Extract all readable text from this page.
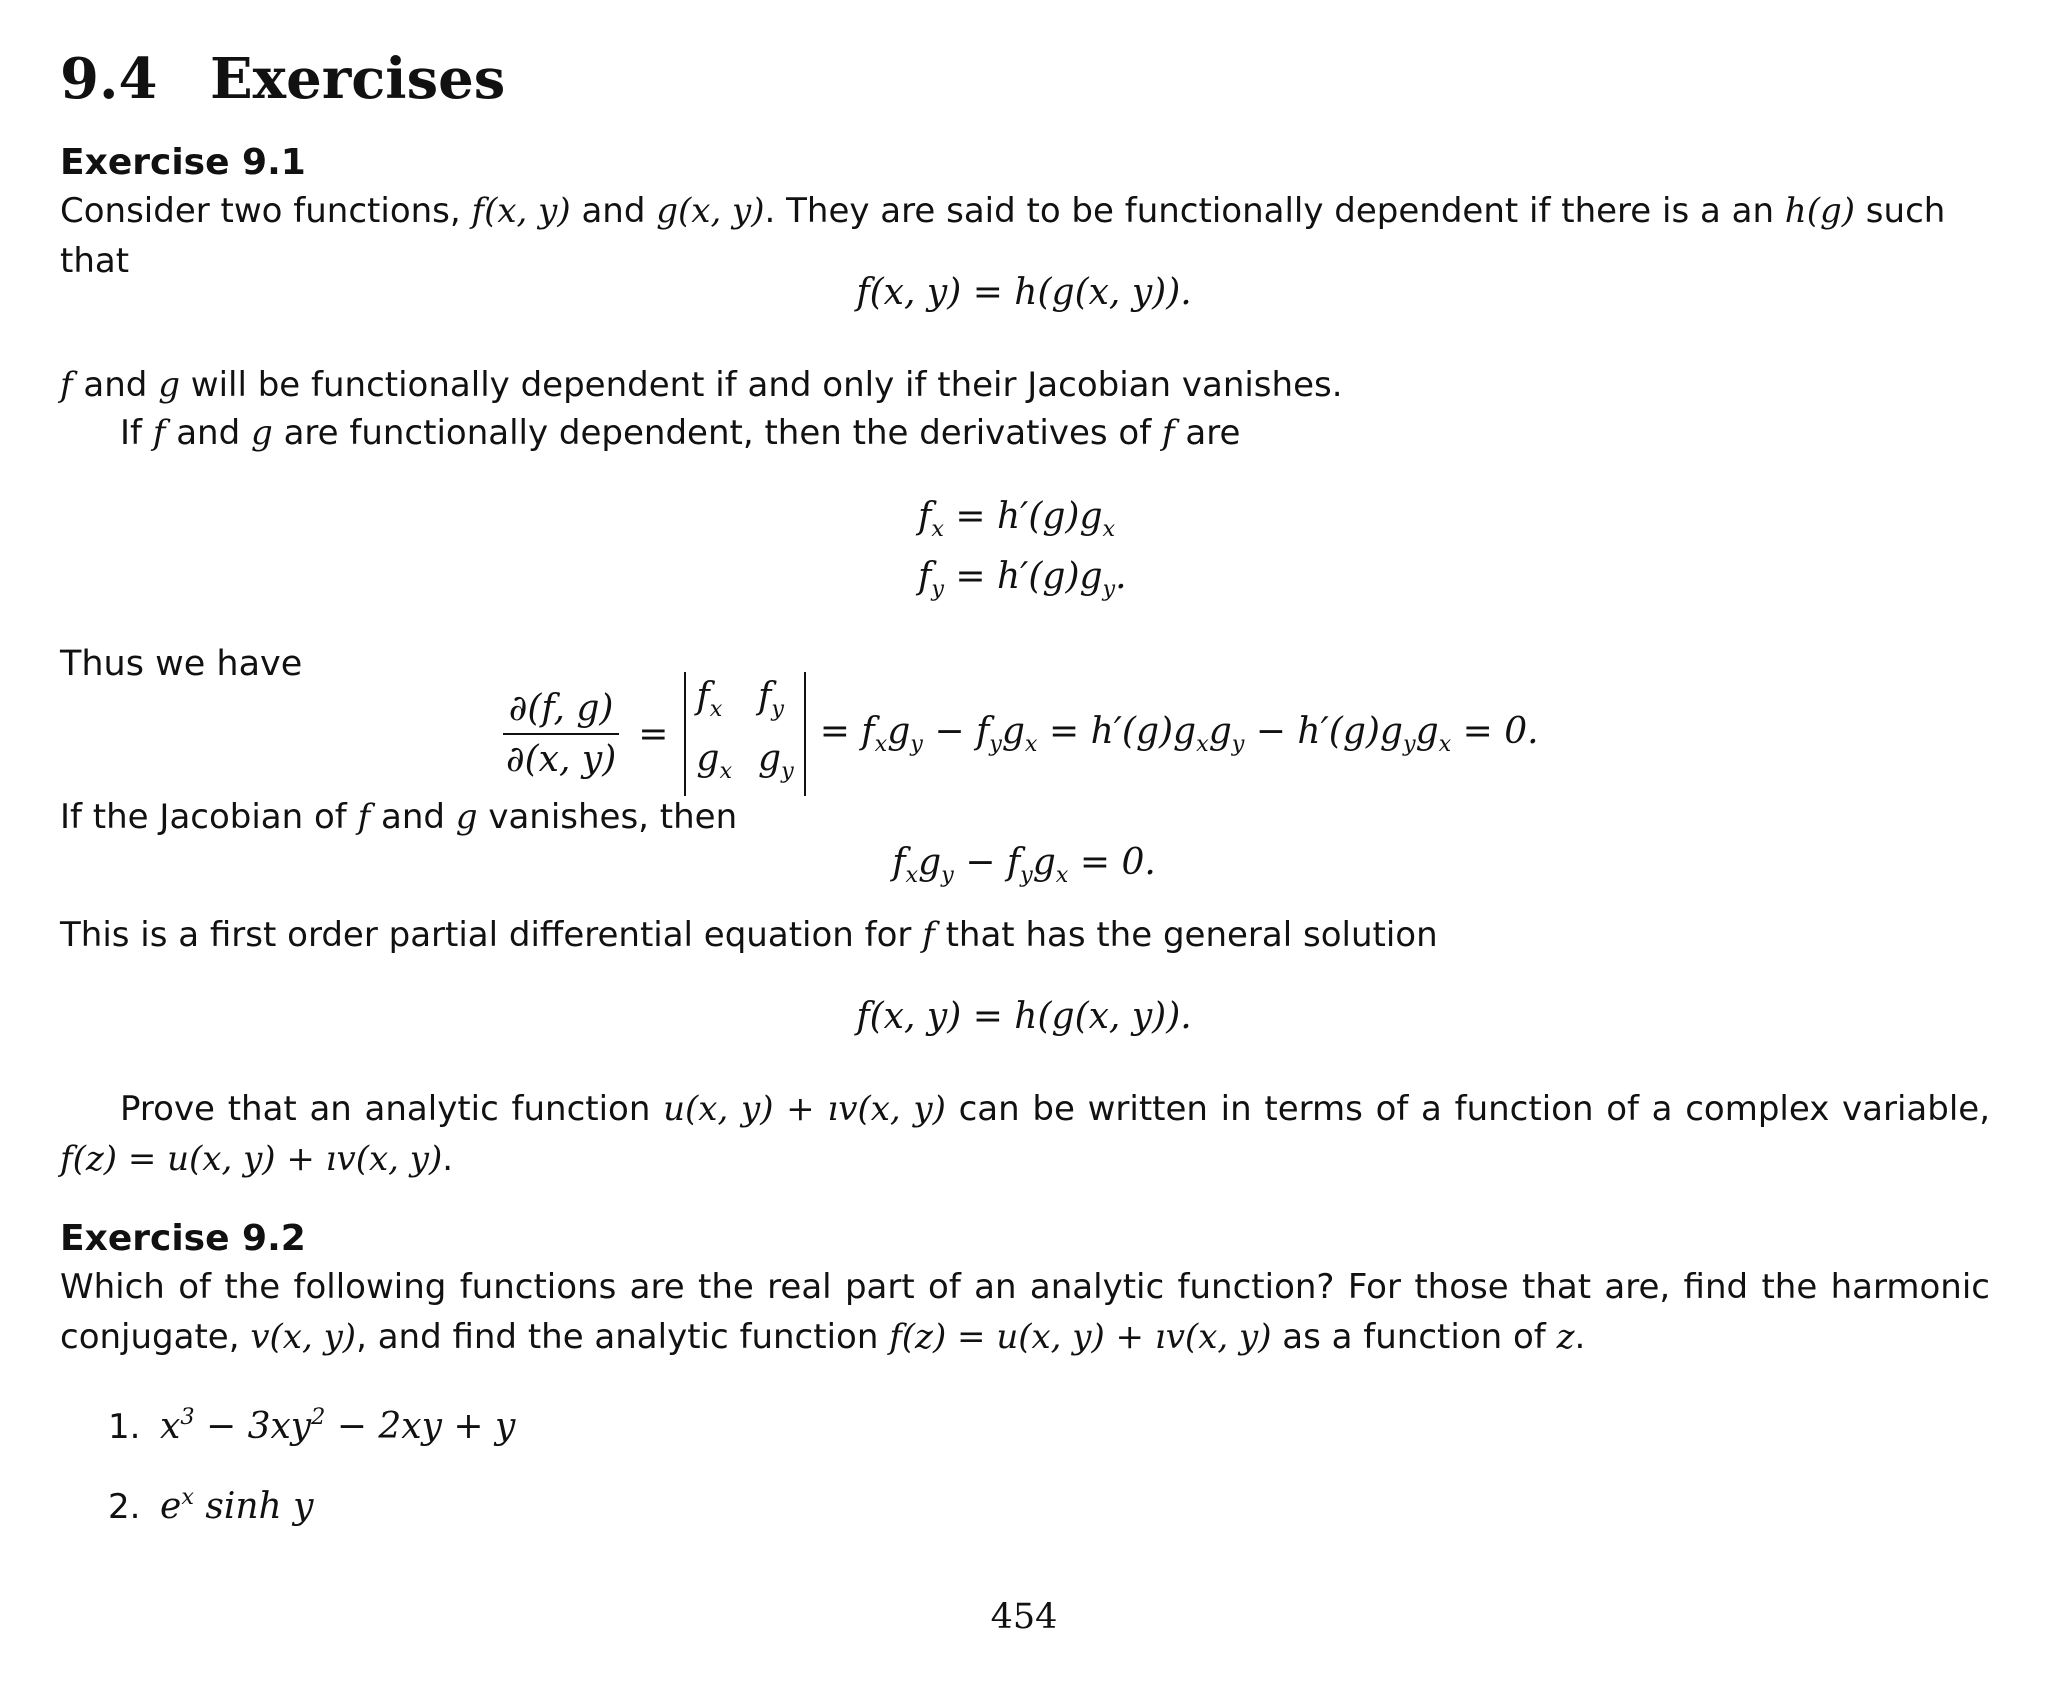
9.4 Exercises
Exercise 9.1
Consider two functions, f(x, y) and g(x, y). They are said to be functionally dependent if there is a an h(g) such that
f(x, y) = h(g(x, y)).
f and g will be functionally dependent if and only if their Jacobian vanishes.
If f and g are functionally dependent, then the derivatives of f are
$f_x = h'(g)g_x$
$f_y = h'(g)g_y$.
Thus we have
$\frac{\partial(f, g)}{\partial(x, y)}$ =
$f_x$ $f_y$
$g_x$ $g_y$
= $f_xg_y - f_yg_x = h'(g)g_xg_y - h'(g)g_yg_x = 0$.
If the Jacobian of f and g vanishes, then
$f_xg_y - f_yg_x = 0$.
This is a first order partial differential equation for f that has the general solution
f(x, y) = h(g(x, y)).
Prove that an analytic function u(x, y) + ıv(x, y) can be written in terms of a function of a complex variable,
f(z) = u(x, y) + ıv(x, y).
Exercise 9.2
Which of the following functions are the real part of an analytic function? For those that are, find the harmonic
conjugate, v(x, y), and find the analytic function f(z) = u(x, y) + ıv(x, y) as a function of z.
1. $x^3 - 3xy^2 - 2xy + y$
2. $e^x$ sinh y
454
